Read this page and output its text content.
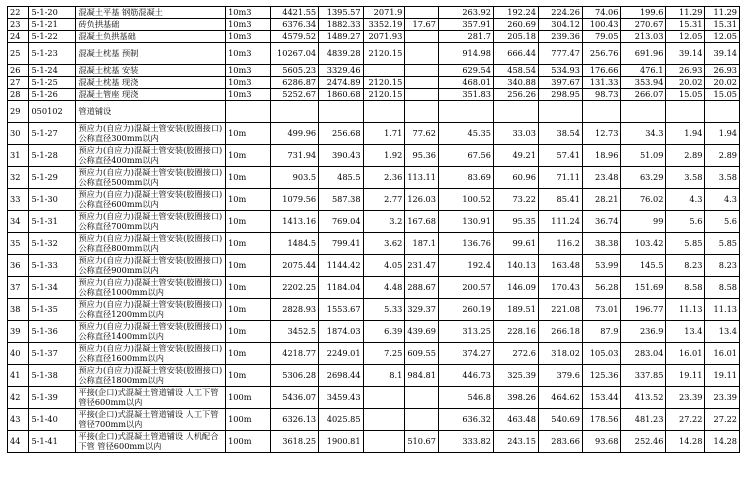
22	5-1-20	混凝土平基 钢筋混凝土	10m3	4421.55	1395.57	2071.9		263.92	192.24	224.26	74.06	199.6	11.29	11.29
23	5-1-21	砖负拱基础	10m3	6376.34	1882.33	3352.19	17.67	357.91	260.69	304.12	100.43	270.67	15.31	15.31
24	5-1-22	混凝土负拱基础	10m3	4579.52	1489.27	2071.93		281.7	205.18	239.36	79.05	213.03	12.05	12.05
25	5-1-23	混凝土枕基 预制	10m3	10267.04	4839.28	2120.15		914.98	666.44	777.47	256.76	691.96	39.14	39.14
26	5-1-24	混凝土枕基 安装	10m3	5605.23	3329.46			629.54	458.54	534.93	176.66	476.1	26.93	26.93
27	5-1-25	混凝土枕基 现浇	10m3	6286.87	2474.89	2120.15		468.01	340.88	397.67	131.33	353.94	20.02	20.02
28	5-1-26	混凝土管座 现浇	10m3	5252.67	1860.68	2120.15		351.83	256.26	298.95	98.73	266.07	15.05	15.05
29	050102	管道铺设												
30	5-1-27	预应力(自应力)混凝土管安装(胶圈接口)公称直径300mm以内	10m	499.96	256.68	1.71	77.62	45.35	33.03	38.54	12.73	34.3	1.94	1.94
31	5-1-28	预应力(自应力)混凝土管安装(胶圈接口)公称直径400mm以内	10m	731.94	390.43	1.92	95.36	67.56	49.21	57.41	18.96	51.09	2.89	2.89
32	5-1-29	预应力(自应力)混凝土管安装(胶圈接口)公称直径500mm以内	10m	903.5	485.5	2.36	113.11	83.69	60.96	71.11	23.48	63.29	3.58	3.58
33	5-1-30	预应力(自应力)混凝土管安装(胶圈接口)公称直径600mm以内	10m	1079.56	587.38	2.77	126.03	100.52	73.22	85.41	28.21	76.02	4.3	4.3
34	5-1-31	预应力(自应力)混凝土管安装(胶圈接口)公称直径700mm以内	10m	1413.16	769.04	3.2	167.68	130.91	95.35	111.24	36.74	99	5.6	5.6
35	5-1-32	预应力(自应力)混凝土管安装(胶圈接口)公称直径800mm以内	10m	1484.5	799.41	3.62	187.1	136.76	99.61	116.2	38.38	103.42	5.85	5.85
36	5-1-33	预应力(自应力)混凝土管安装(胶圈接口)公称直径900mm以内	10m	2075.44	1144.42	4.05	231.47	192.4	140.13	163.48	53.99	145.5	8.23	8.23
37	5-1-34	预应力(自应力)混凝土管安装(胶圈接口)公称直径1000mm以内	10m	2202.25	1184.04	4.48	288.67	200.57	146.09	170.43	56.28	151.69	8.58	8.58
38	5-1-35	预应力(自应力)混凝土管安装(胶圈接口)公称直径1200mm以内	10m	2828.93	1553.67	5.33	329.37	260.19	189.51	221.08	73.01	196.77	11.13	11.13
39	5-1-36	预应力(自应力)混凝土管安装(胶圈接口)公称直径1400mm以内	10m	3452.5	1874.03	6.39	439.69	313.25	228.16	266.18	87.9	236.9	13.4	13.4
40	5-1-37	预应力(自应力)混凝土管安装(胶圈接口)公称直径1600mm以内	10m	4218.77	2249.01	7.25	609.55	374.27	272.6	318.02	105.03	283.04	16.01	16.01
41	5-1-38	预应力(自应力)混凝土管安装(胶圈接口)公称直径1800mm以内	10m	5306.28	2698.44	8.1	984.81	446.73	325.39	379.6	125.36	337.85	19.11	19.11
42	5-1-39	平接(企口)式混凝土管道铺设 人工下管 管径600mm以内	100m	5436.07	3459.43			546.8	398.26	464.62	153.44	413.52	23.39	23.39
43	5-1-40	平接(企口)式混凝土管道铺设 人工下管 管径700mm以内	100m	6326.13	4025.85			636.32	463.48	540.69	178.56	481.23	27.22	27.22
44	5-1-41	平接(企口)式混凝土管道铺设 人机配合下管 管径600mm以内	100m	3618.25	1900.81		510.67	333.82	243.15	283.66	93.68	252.46	14.28	14.28
